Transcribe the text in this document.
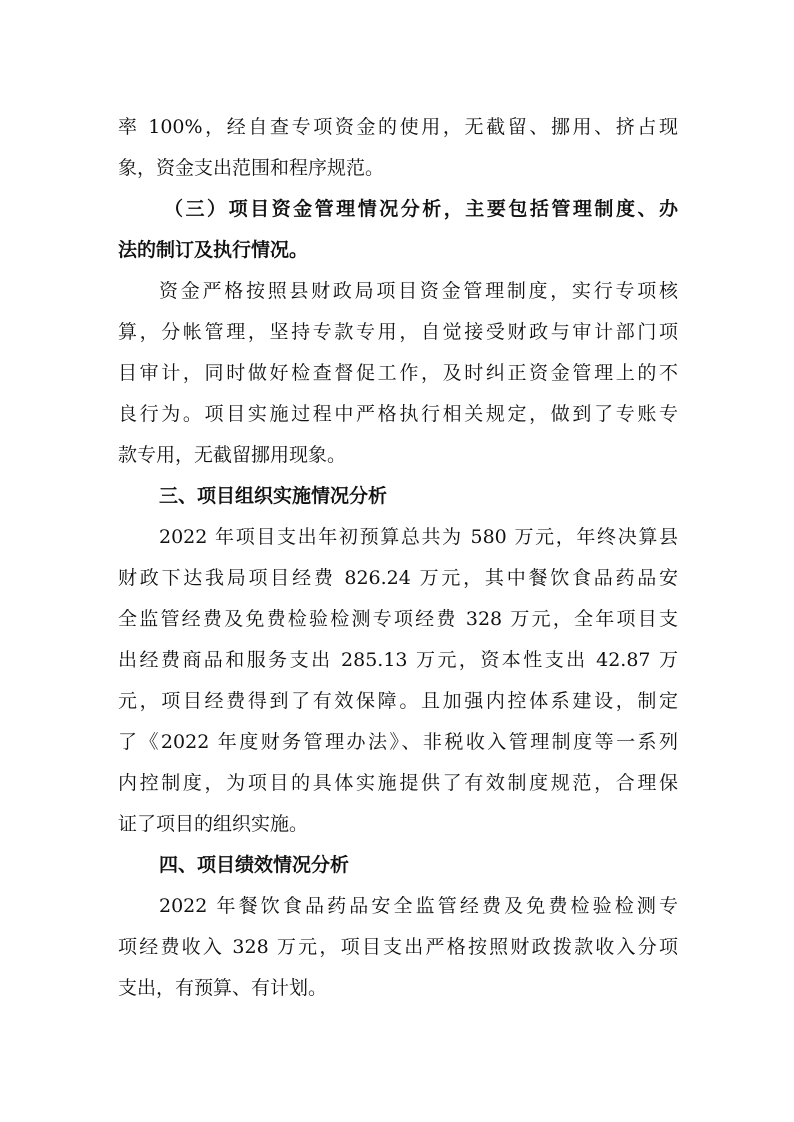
率 100%，经自查专项资金的使用，无截留、挪用、挤占现
象，资金支出范围和程序规范。
（三）项目资金管理情况分析，主要包括管理制度、办
法的制订及执行情况。
资金严格按照县财政局项目资金管理制度，实行专项核
算，分帐管理，坚持专款专用，自觉接受财政与审计部门项
目审计，同时做好检查督促工作，及时纠正资金管理上的不
良行为。项目实施过程中严格执行相关规定，做到了专账专
款专用，无截留挪用现象。
三、项目组织实施情况分析
2022 年项目支出年初预算总共为 580 万元，年终决算县
财政下达我局项目经费 826.24 万元，其中餐饮食品药品安
全监管经费及免费检验检测专项经费 328 万元，全年项目支
出经费商品和服务支出 285.13 万元，资本性支出 42.87 万
元，项目经费得到了有效保障。且加强内控体系建设，制定
了《2022 年度财务管理办法》、非税收入管理制度等一系列
内控制度，为项目的具体实施提供了有效制度规范，合理保
证了项目的组织实施。
四、项目绩效情况分析
2022 年餐饮食品药品安全监管经费及免费检验检测专
项经费收入 328 万元，项目支出严格按照财政拨款收入分项
支出，有预算、有计划。
